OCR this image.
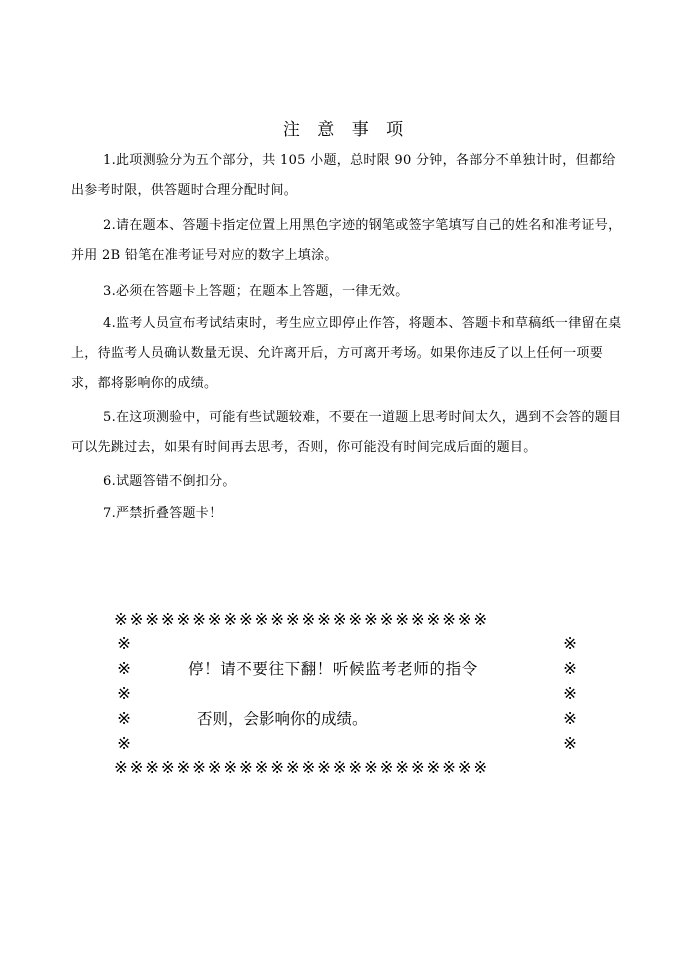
注 意 事 项
1.此项测验分为五个部分，共 105 小题，总时限 90 分钟，各部分不单独计时，但都给出参考时限，供答题时合理分配时间。
2.请在题本、答题卡指定位置上用黑色字迹的钢笔或签字笔填写自己的姓名和准考证号，并用 2B 铅笔在准考证号对应的数字上填涂。
3.必须在答题卡上答题；在题本上答题，一律无效。
4.监考人员宣布考试结束时，考生应立即停止作答，将题本、答题卡和草稿纸一律留在桌上，待监考人员确认数量无误、允许离开后，方可离开考场。如果你违反了以上任何一项要求，都将影响你的成绩。
5.在这项测验中，可能有些试题较难，不要在一道题上思考时间太久，遇到不会答的题目可以先跳过去，如果有时间再去思考，否则，你可能没有时间完成后面的题目。
6.试题答错不倒扣分。
7.严禁折叠答题卡！
※※※※※※※※※※※※※※※※※※※※※※※※
※	※
※	停！请不要往下翻！听候监考老师的指令	※
※	※
※	否则，会影响你的成绩。	※
※	※
※※※※※※※※※※※※※※※※※※※※※※※※
